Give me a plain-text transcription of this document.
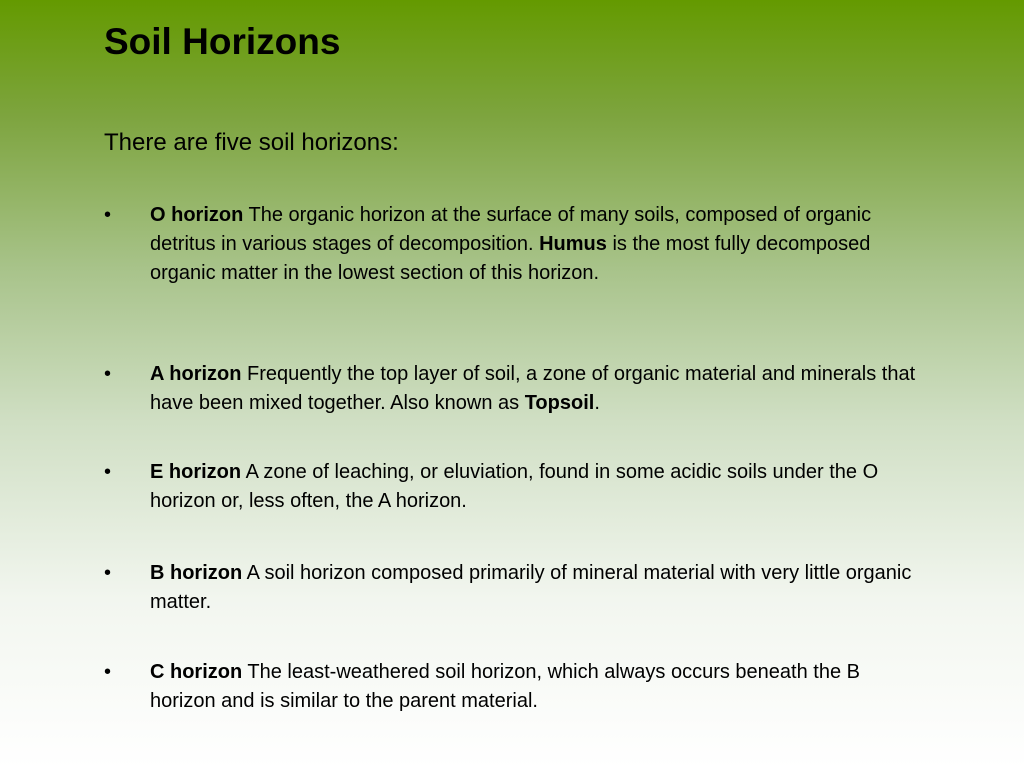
Soil Horizons

There are five soil horizons:

• O horizon The organic horizon at the surface of many soils, composed of organic detritus in various stages of decomposition. Humus is the most fully decomposed organic matter in the lowest section of this horizon.
• A horizon Frequently the top layer of soil, a zone of organic material and minerals that have been mixed together. Also known as Topsoil.
• E horizon A zone of leaching, or eluviation, found in some acidic soils under the O horizon or, less often, the A horizon.
• B horizon A soil horizon composed primarily of mineral material with very little organic matter.
• C horizon The least-weathered soil horizon, which always occurs beneath the B horizon and is similar to the parent material.
